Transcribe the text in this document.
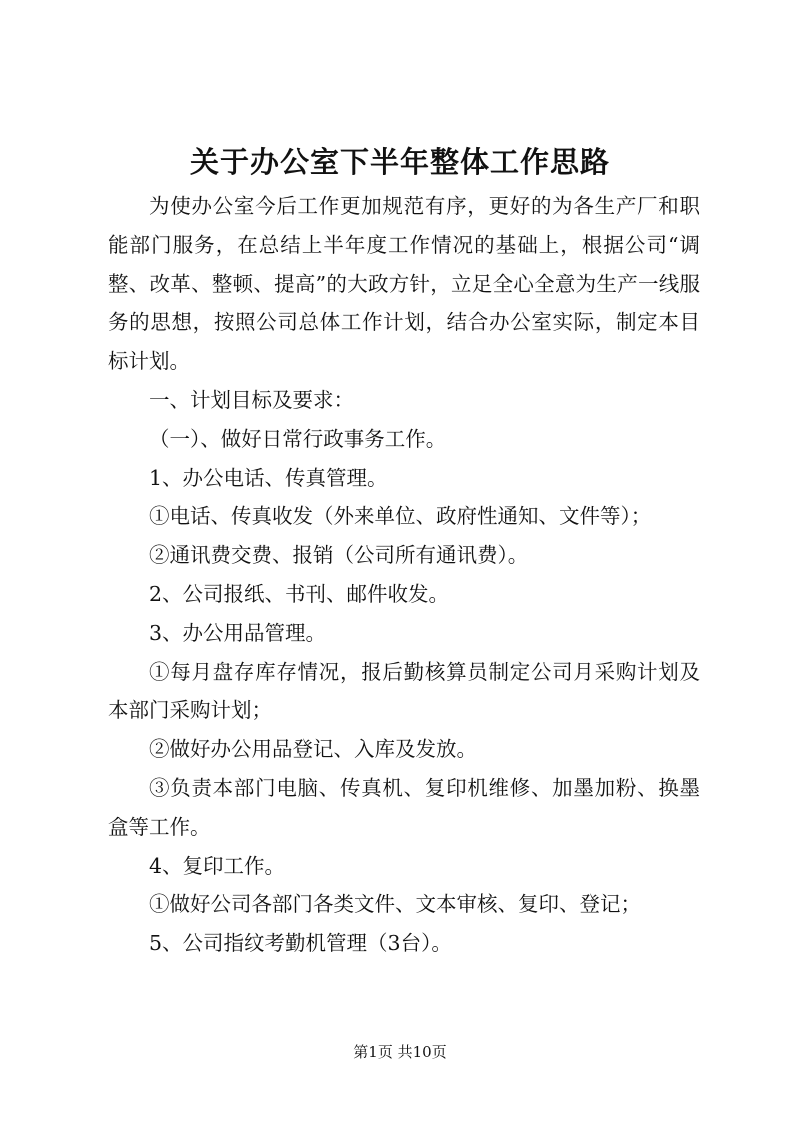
关于办公室下半年整体工作思路

为使办公室今后工作更加规范有序，更好的为各生产厂和职能部门服务，在总结上半年度工作情况的基础上，根据公司“调整、改革、整顿、提高”的大政方针，立足全心全意为生产一线服务的思想，按照公司总体工作计划，结合办公室实际，制定本目标计划。

一、计划目标及要求：

（一）、做好日常行政事务工作。

1、办公电话、传真管理。

①电话、传真收发（外来单位、政府性通知、文件等）；

②通讯费交费、报销（公司所有通讯费）。

2、公司报纸、书刊、邮件收发。

3、办公用品管理。

①每月盘存库存情况，报后勤核算员制定公司月采购计划及本部门采购计划；

②做好办公用品登记、入库及发放。

③负责本部门电脑、传真机、复印机维修、加墨加粉、换墨盒等工作。

4、复印工作。

①做好公司各部门各类文件、文本审核、复印、登记；

5、公司指纹考勤机管理（3台）。

第1页 共10页
